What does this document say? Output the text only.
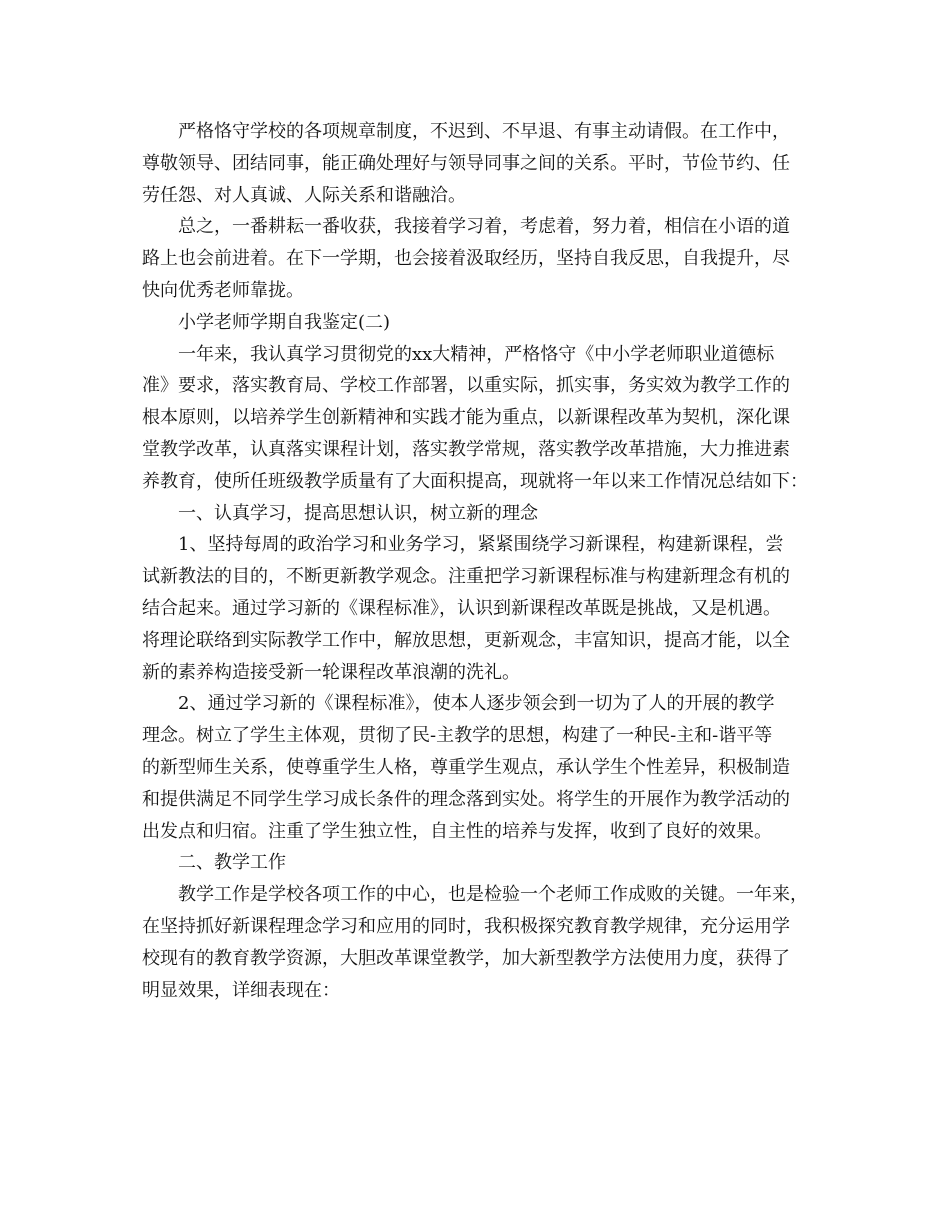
严格恪守学校的各项规章制度，不迟到、不早退、有事主动请假。在工作中，
尊敬领导、团结同事，能正确处理好与领导同事之间的关系。平时，节俭节约、任
劳任怨、对人真诚、人际关系和谐融洽。
总之，一番耕耘一番收获，我接着学习着，考虑着，努力着，相信在小语的道
路上也会前进着。在下一学期，也会接着汲取经历，坚持自我反思，自我提升，尽
快向优秀老师靠拢。
小学老师学期自我鉴定(二)
一年来，我认真学习贯彻党的xx大精神，严格恪守《中小学老师职业道德标
准》要求，落实教育局、学校工作部署，以重实际，抓实事，务实效为教学工作的
根本原则，以培养学生创新精神和实践才能为重点，以新课程改革为契机，深化课
堂教学改革，认真落实课程计划，落实教学常规，落实教学改革措施，大力推进素
养教育，使所任班级教学质量有了大面积提高，现就将一年以来工作情况总结如下：
一、认真学习，提高思想认识，树立新的理念
1、坚持每周的政治学习和业务学习，紧紧围绕学习新课程，构建新课程，尝
试新教法的目的，不断更新教学观念。注重把学习新课程标准与构建新理念有机的
结合起来。通过学习新的《课程标准》，认识到新课程改革既是挑战，又是机遇。
将理论联络到实际教学工作中，解放思想，更新观念，丰富知识，提高才能，以全
新的素养构造接受新一轮课程改革浪潮的洗礼。
2、通过学习新的《课程标准》，使本人逐步领会到一切为了人的开展的教学
理念。树立了学生主体观，贯彻了民-主教学的思想，构建了一种民-主和-谐平等
的新型师生关系，使尊重学生人格，尊重学生观点，承认学生个性差异，积极制造
和提供满足不同学生学习成长条件的理念落到实处。将学生的开展作为教学活动的
出发点和归宿。注重了学生独立性，自主性的培养与发挥，收到了良好的效果。
二、教学工作
教学工作是学校各项工作的中心，也是检验一个老师工作成败的关键。一年来，
在坚持抓好新课程理念学习和应用的同时，我积极探究教育教学规律，充分运用学
校现有的教育教学资源，大胆改革课堂教学，加大新型教学方法使用力度，获得了
明显效果，详细表现在：
